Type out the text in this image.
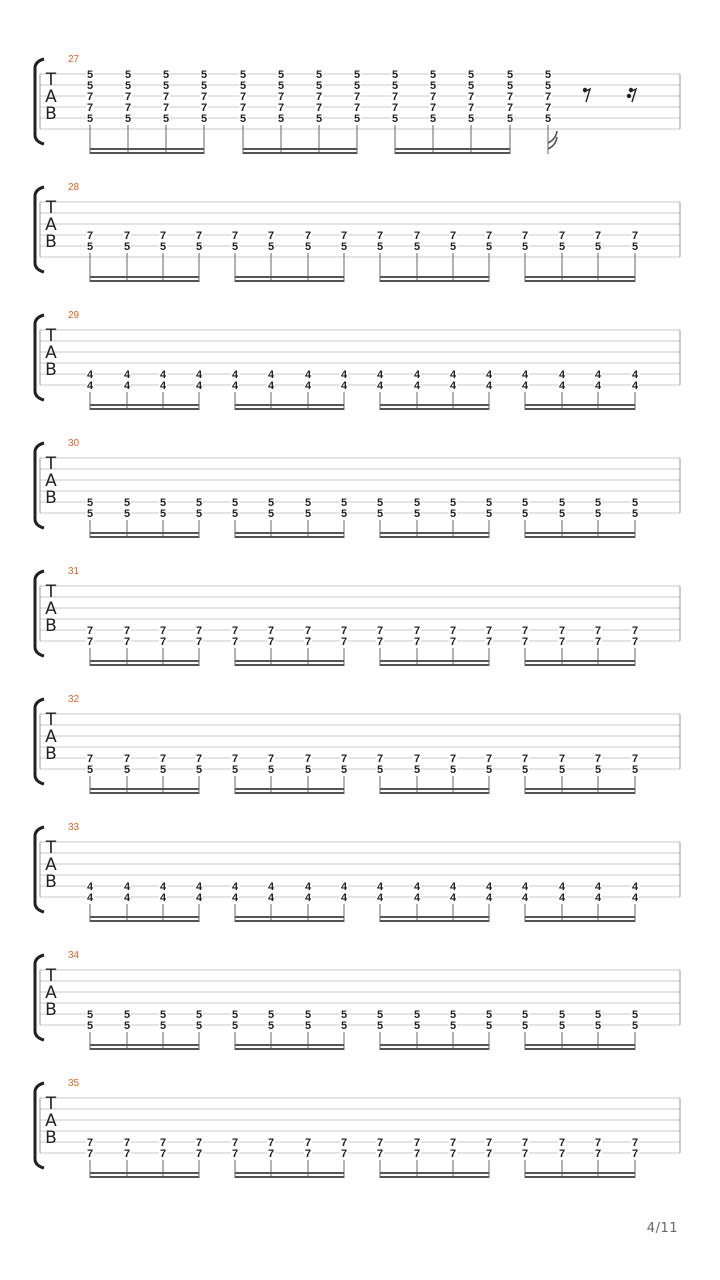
T
A
B
27
5
5
7
7
5
5
5
7
7
5
5
5
7
7
5
5
5
7
7
5
5
5
7
7
5
5
5
7
7
5
5
5
7
7
5
5
5
7
7
5
5
5
7
7
5
5
5
7
7
5
5
5
7
7
5
5
5
7
7
5
5
5
7
7
5
T
A
B
28
7
5
7
5
7
5
7
5
7
5
7
5
7
5
7
5
7
5
7
5
7
5
7
5
7
5
7
5
7
5
7
5
T
A
B
29
4
4
4
4
4
4
4
4
4
4
4
4
4
4
4
4
4
4
4
4
4
4
4
4
4
4
4
4
4
4
4
4
T
A
B
30
5
5
5
5
5
5
5
5
5
5
5
5
5
5
5
5
5
5
5
5
5
5
5
5
5
5
5
5
5
5
5
5
T
A
B
31
7
7
7
7
7
7
7
7
7
7
7
7
7
7
7
7
7
7
7
7
7
7
7
7
7
7
7
7
7
7
7
7
T
A
B
32
7
5
7
5
7
5
7
5
7
5
7
5
7
5
7
5
7
5
7
5
7
5
7
5
7
5
7
5
7
5
7
5
T
A
B
33
4
4
4
4
4
4
4
4
4
4
4
4
4
4
4
4
4
4
4
4
4
4
4
4
4
4
4
4
4
4
4
4
T
A
B
34
5
5
5
5
5
5
5
5
5
5
5
5
5
5
5
5
5
5
5
5
5
5
5
5
5
5
5
5
5
5
5
5
T
A
B
35
7
7
7
7
7
7
7
7
7
7
7
7
7
7
7
7
7
7
7
7
7
7
7
7
7
7
7
7
7
7
7
7
4/11
